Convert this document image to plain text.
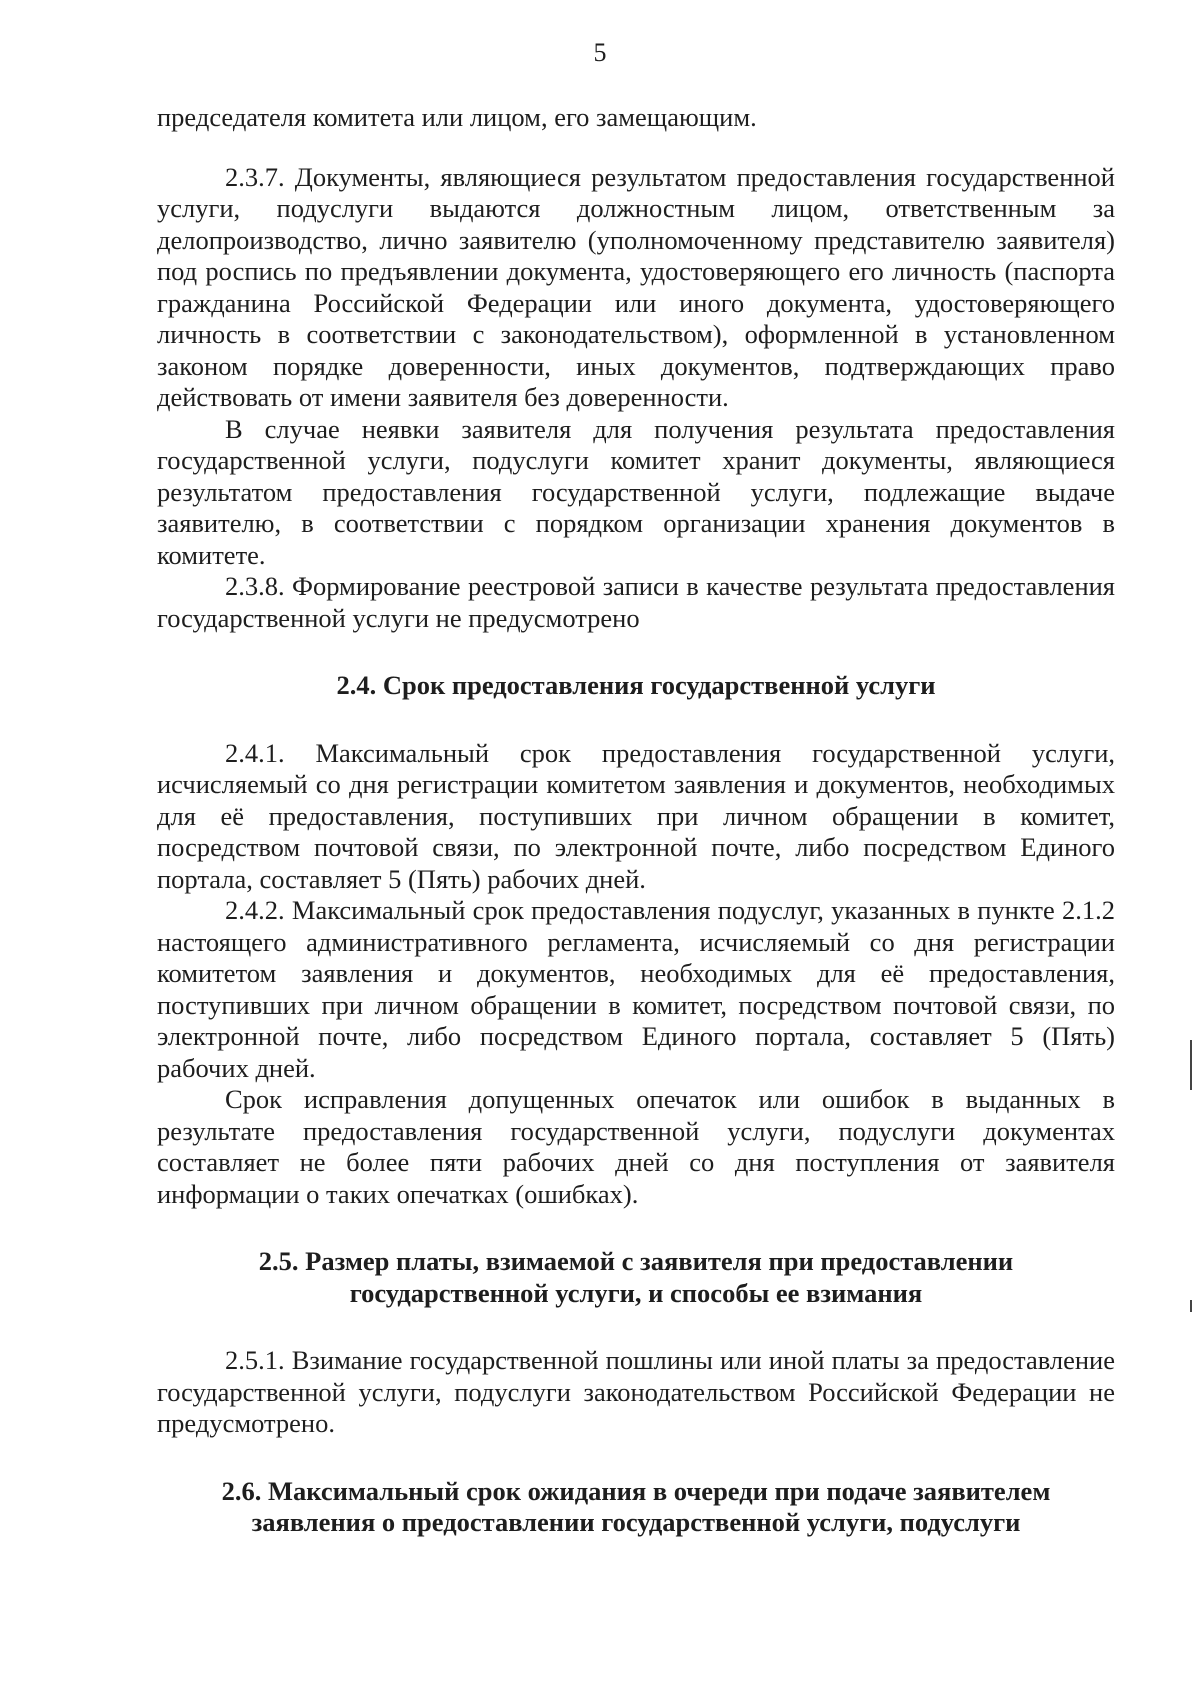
5

председателя комитета или лицом, его замещающим.

2.3.7. Документы, являющиеся результатом предоставления государственной услуги, подуслуги выдаются должностным лицом, ответственным за делопроизводство, лично заявителю (уполномоченному представителю заявителя) под роспись по предъявлении документа, удостоверяющего его личность (паспорта гражданина Российской Федерации или иного документа, удостоверяющего личность в соответствии с законодательством), оформленной в установленном законом порядке доверенности, иных документов, подтверждающих право действовать от имени заявителя без доверенности.

В случае неявки заявителя для получения результата предоставления государственной услуги, подуслуги комитет хранит документы, являющиеся результатом предоставления государственной услуги, подлежащие выдаче заявителю, в соответствии с порядком организации хранения документов в комитете.

2.3.8. Формирование реестровой записи в качестве результата предоставления государственной услуги не предусмотрено

2.4. Срок предоставления государственной услуги

2.4.1. Максимальный срок предоставления государственной услуги, исчисляемый со дня регистрации комитетом заявления и документов, необходимых для её предоставления, поступивших при личном обращении в комитет, посредством почтовой связи, по электронной почте, либо посредством Единого портала, составляет 5 (Пять) рабочих дней.

2.4.2. Максимальный срок предоставления подуслуг, указанных в пункте 2.1.2 настоящего административного регламента, исчисляемый со дня регистрации комитетом заявления и документов, необходимых для её предоставления, поступивших при личном обращении в комитет, посредством почтовой связи, по электронной почте, либо посредством Единого портала, составляет 5 (Пять) рабочих дней.

Срок исправления допущенных опечаток или ошибок в выданных в результате предоставления государственной услуги, подуслуги документах составляет не более пяти рабочих дней со дня поступления от заявителя информации о таких опечатках (ошибках).

2.5. Размер платы, взимаемой с заявителя при предоставлении
государственной услуги, и способы ее взимания

2.5.1. Взимание государственной пошлины или иной платы за предоставление государственной услуги, подуслуги законодательством Российской Федерации не предусмотрено.

2.6. Максимальный срок ожидания в очереди при подаче заявителем
заявления о предоставлении государственной услуги, подуслуги
